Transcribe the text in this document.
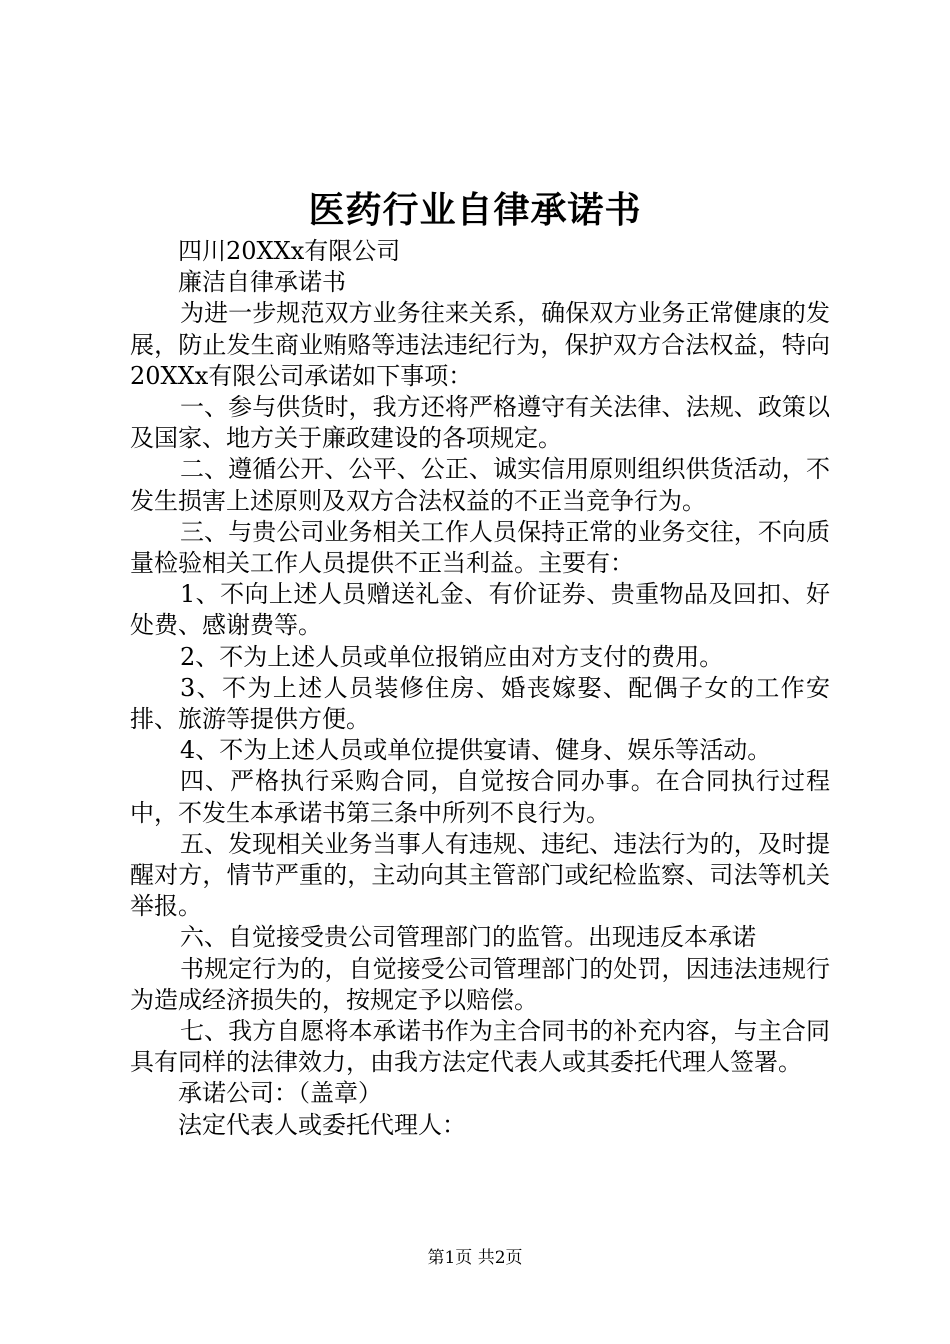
医药行业自律承诺书

四川20XXx有限公司

廉洁自律承诺书

为进一步规范双方业务往来关系，确保双方业务正常健康的发展，防止发生商业贿赂等违法违纪行为，保护双方合法权益，特向20XXx有限公司承诺如下事项：

一、参与供货时，我方还将严格遵守有关法律、法规、政策以及国家、地方关于廉政建设的各项规定。

二、遵循公开、公平、公正、诚实信用原则组织供货活动，不发生损害上述原则及双方合法权益的不正当竞争行为。

三、与贵公司业务相关工作人员保持正常的业务交往，不向质量检验相关工作人员提供不正当利益。主要有：

1、不向上述人员赠送礼金、有价证券、贵重物品及回扣、好处费、感谢费等。

2、不为上述人员或单位报销应由对方支付的费用。

3、不为上述人员装修住房、婚丧嫁娶、配偶子女的工作安排、旅游等提供方便。

4、不为上述人员或单位提供宴请、健身、娱乐等活动。

四、严格执行采购合同，自觉按合同办事。在合同执行过程中，不发生本承诺书第三条中所列不良行为。

五、发现相关业务当事人有违规、违纪、违法行为的，及时提醒对方，情节严重的，主动向其主管部门或纪检监察、司法等机关举报。

六、自觉接受贵公司管理部门的监管。出现违反本承诺

书规定行为的，自觉接受公司管理部门的处罚，因违法违规行为造成经济损失的，按规定予以赔偿。

七、我方自愿将本承诺书作为主合同书的补充内容，与主合同具有同样的法律效力，由我方法定代表人或其委托代理人签署。

承诺公司：（盖章）

法定代表人或委托代理人：

第1页 共2页
